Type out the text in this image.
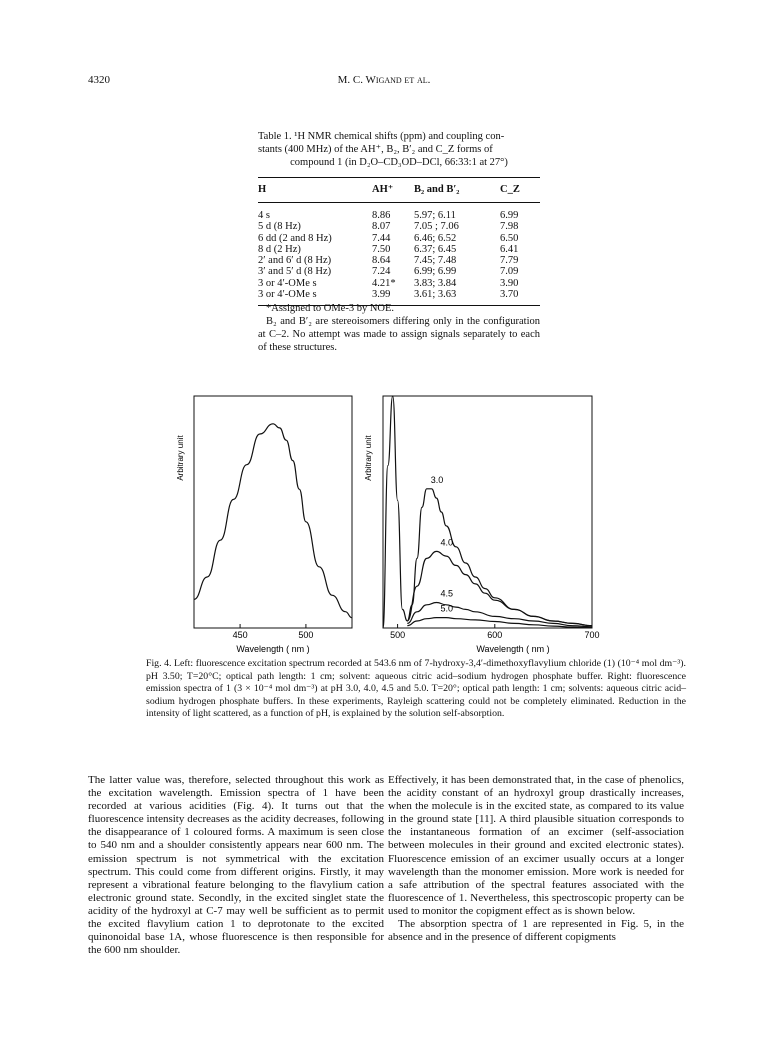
4320	M. C. Wigand et al.
Table 1. ¹H NMR chemical shifts (ppm) and coupling con-
stants (400 MHz) of the AH⁺, B₂, B′₂ and C_Z forms of
compound 1 (in D₂O–CD₃OD–DCl, 66:33:1 at 27°)
H	AH⁺	B₂ and B′₂	C_Z
4 s	8.86	5.97; 6.11	6.99
5 d (8 Hz)	8.07	7.05 ; 7.06	7.98
6 dd (2 and 8 Hz)	7.44	6.46; 6.52	6.50
8 d (2 Hz)	7.50	6.37; 6.45	6.41
2′ and 6′ d (8 Hz)	8.64	7.45; 7.48	7.79
3′ and 5′ d (8 Hz)	7.24	6.99; 6.99	7.09
3 or 4′-OMe s	4.21*	3.83; 3.84	3.90
3 or 4′-OMe s	3.99	3.61; 3.63	3.70

*Assigned to OMe-3 by NOE.

B₂ and B′₂ are stereoisomers differing only in the configuration at C–2. No attempt was made to assign signals separately to each of these structures.

450	500
Arbitrary unit
Wavelength ( nm )
500	600	700
3.0
4.0
4.5
5.0
Arbitrary unit
Wavelength ( nm )
Fig. 4. Left: fluorescence excitation spectrum recorded at 543.6 nm of 7-hydroxy-3,4′-dimethoxyflavylium chloride (1) (10⁻⁴ mol dm⁻³). pH 3.50; T=20°C; optical path length: 1 cm; solvent: aqueous citric acid–sodium hydrogen phosphate buffer. Right: fluorescence emission spectra of 1 (3 × 10⁻⁴ mol dm⁻³) at pH 3.0, 4.0, 4.5 and 5.0. T=20°; optical path length: 1 cm; solvents: aqueous citric acid–sodium hydrogen phosphate buffers. In these experiments, Rayleigh scattering could not be completely eliminated. Reduction in the intensity of light scattered, as a function of pH, is explained by the solution self-absorption.

The latter value was, therefore, selected throughout this work as the excitation wavelength. Emission spectra of 1 have been recorded at various acidities (Fig. 4). It turns out that the fluorescence intensity decreases as the acidity decreases, following the disappearance of 1 coloured forms. A maximum is seen close to 540 nm and a shoulder consistently appears near 600 nm. The emission spectrum is not symmetrical with the excitation spectrum. This could come from different origins. Firstly, it may represent a vibrational feature belonging to the flavylium cation electronic ground state. Secondly, in the excited singlet state the acidity of the hydroxyl at C-7 may well be sufficient as to permit the excited flavylium cation 1 to deprotonate to the excited quinonoidal base 1A, whose fluorescence is then responsible for the 600 nm shoulder.

Effectively, it has been demonstrated that, in the case of phenolics, the acidity constant of an hydroxyl group drastically increases, when the molecule is in the excited state, as compared to its value in the ground state [11]. A third plausible situation corresponds to the instantaneous formation of an excimer (self-association between molecules in their ground and excited electronic states). Fluorescence emission of an excimer usually occurs at a longer wavelength than the monomer emission. More work is needed for a safe attribution of the spectral features associated with the fluorescence of 1. Nevertheless, this spectroscopic property can be used to monitor the copigment effect as is shown below.

The absorption spectra of 1 are represented in Fig. 5, in the absence and in the presence of different copigments
